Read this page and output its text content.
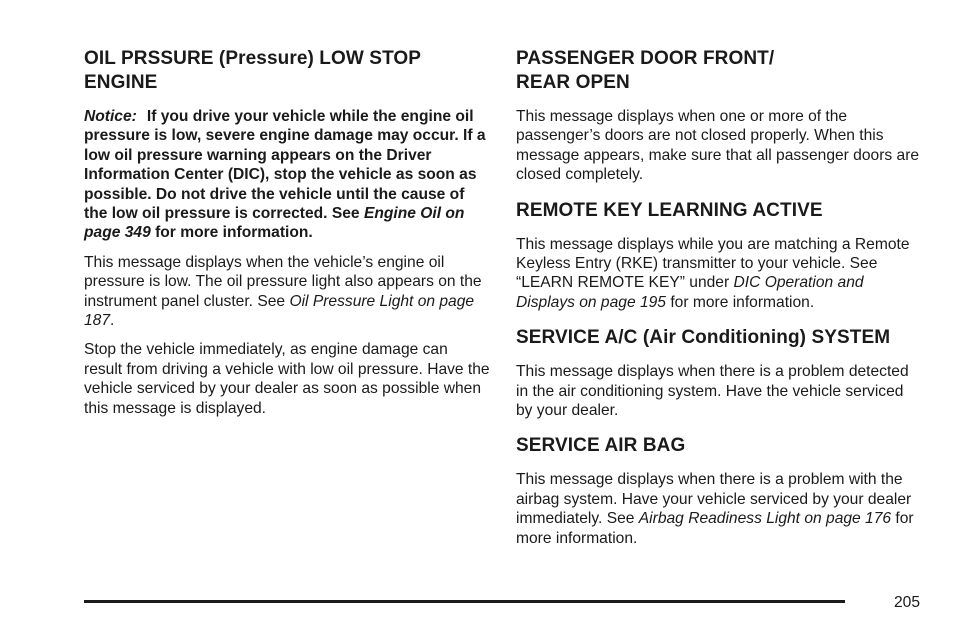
OIL PRSSURE (Pressure) LOW STOP ENGINE

Notice: If you drive your vehicle while the engine oil pressure is low, severe engine damage may occur. If a low oil pressure warning appears on the Driver Information Center (DIC), stop the vehicle as soon as possible. Do not drive the vehicle until the cause of the low oil pressure is corrected. See Engine Oil on page 349 for more information.

This message displays when the vehicle’s engine oil pressure is low. The oil pressure light also appears on the instrument panel cluster. See Oil Pressure Light on page 187.

Stop the vehicle immediately, as engine damage can result from driving a vehicle with low oil pressure. Have the vehicle serviced by your dealer as soon as possible when this message is displayed.

PASSENGER DOOR FRONT/
REAR OPEN

This message displays when one or more of the passenger’s doors are not closed properly. When this message appears, make sure that all passenger doors are closed completely.

REMOTE KEY LEARNING ACTIVE

This message displays while you are matching a Remote Keyless Entry (RKE) transmitter to your vehicle. See “LEARN REMOTE KEY” under DIC Operation and Displays on page 195 for more information.

SERVICE A/C (Air Conditioning) SYSTEM

This message displays when there is a problem detected in the air conditioning system. Have the vehicle serviced by your dealer.

SERVICE AIR BAG

This message displays when there is a problem with the airbag system. Have your vehicle serviced by your dealer immediately. See Airbag Readiness Light on page 176 for more information.

205
